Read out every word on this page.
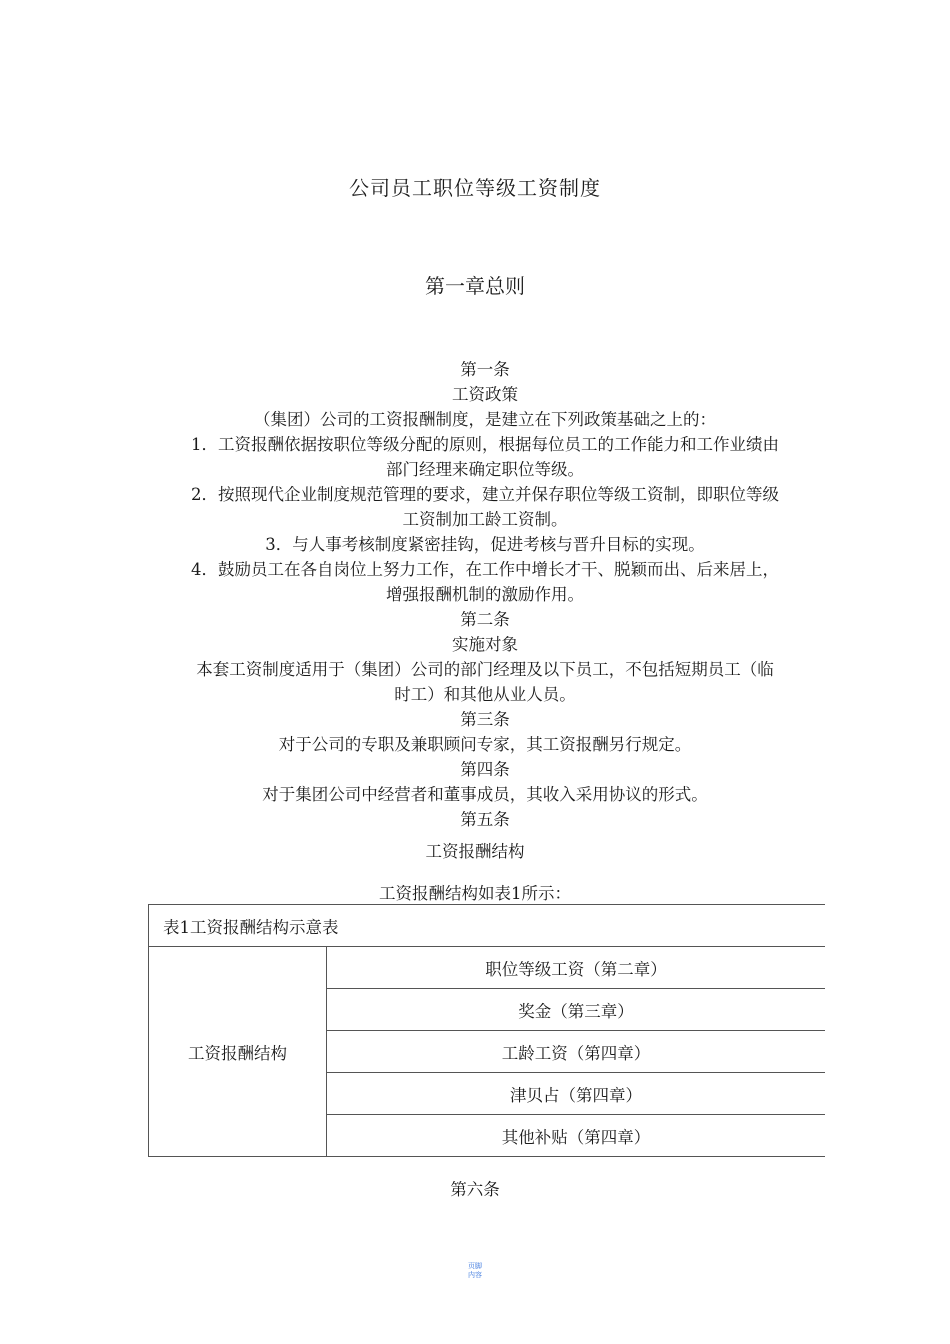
公司员工职位等级工资制度
第一章总则
第一条
工资政策
（集团）公司的工资报酬制度，是建立在下列政策基础之上的：
1．工资报酬依据按职位等级分配的原则，根据每位员工的工作能力和工作业绩由
部门经理来确定职位等级。
2．按照现代企业制度规范管理的要求，建立并保存职位等级工资制，即职位等级
工资制加工龄工资制。
3．与人事考核制度紧密挂钩，促进考核与晋升目标的实现。
4．鼓励员工在各自岗位上努力工作，在工作中增长才干、脱颖而出、后来居上，
增强报酬机制的激励作用。
第二条
实施对象
本套工资制度适用于（集团）公司的部门经理及以下员工，不包括短期员工（临
时工）和其他从业人员。
第三条
对于公司的专职及兼职顾问专家，其工资报酬另行规定。
第四条
对于集团公司中经营者和董事成员，其收入采用协议的形式。
第五条
工资报酬结构
工资报酬结构如表1所示：
表1工资报酬结构示意表
工资报酬结构	职位等级工资（第二章）
奖金（第三章）
工龄工资（第四章）
津贝占（第四章）
其他补贴（第四章）
第六条
页脚
内容
